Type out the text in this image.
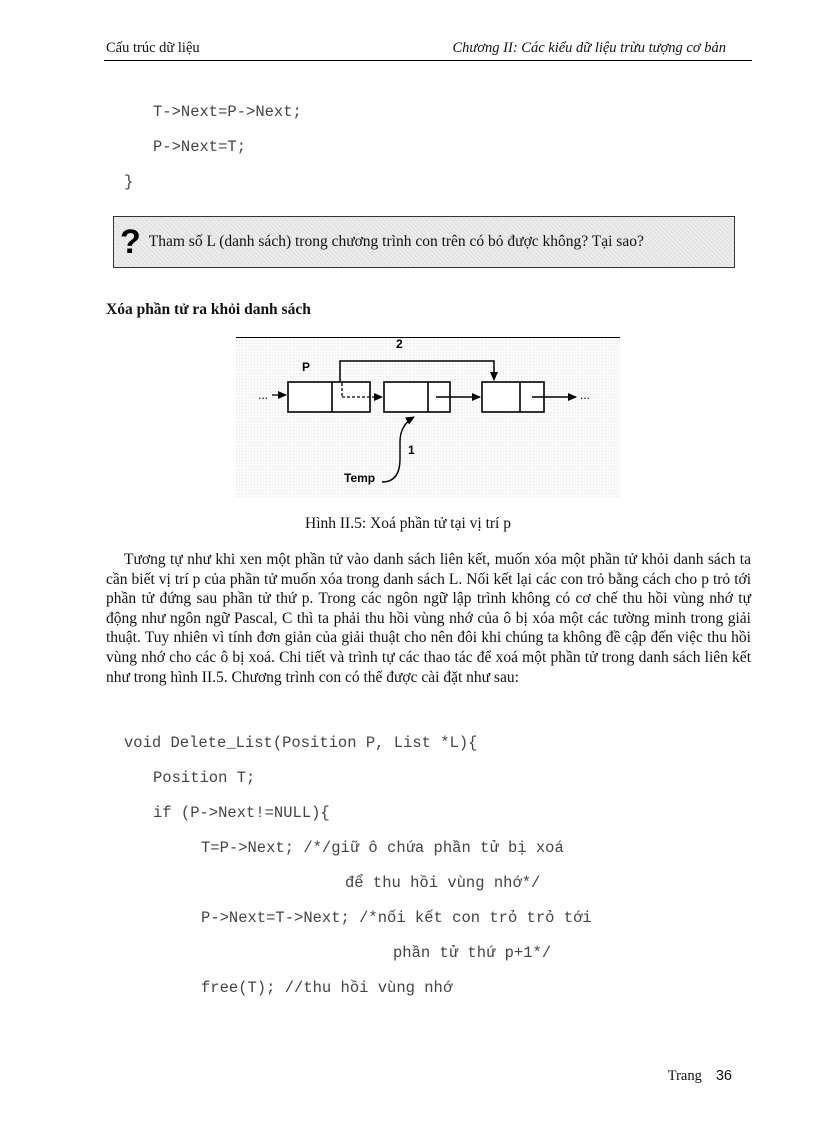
Cấu trúc dữ liệu	Chương II: Các kiểu dữ liệu trừu tượng cơ bản
T->Next=P->Next;
P->Next=T;
}
? Tham số L (danh sách) trong chương trình con trên có bỏ được không? Tại sao?
Xóa phần tử ra khỏi danh sách
2
P
...	...
1
Temp
Hình II.5: Xoá phần tử tại vị trí p

Tương tự như khi xen một phần tử vào danh sách liên kết, muốn xóa một phần tử khỏi danh sách ta cần biết vị trí p của phần tử muốn xóa trong danh sách L. Nối kết lại các con trỏ bằng cách cho p trỏ tới phần tử đứng sau phần tử thứ p. Trong các ngôn ngữ lập trình không có cơ chế thu hồi vùng nhớ tự động như ngôn ngữ Pascal, C thì ta phải thu hồi vùng nhớ của ô bị xóa một các tường minh trong giải thuật. Tuy nhiên vì tính đơn giản của giải thuật cho nên đôi khi chúng ta không đề cập đến việc thu hồi vùng nhớ cho các ô bị xoá. Chi tiết và trình tự các thao tác để xoá một phần tử trong danh sách liên kết như trong hình II.5. Chương trình con có thể được cài đặt như sau:

void Delete_List(Position P, List *L){
Position T;
if (P->Next!=NULL){
T=P->Next; /*/giữ ô chứa phần tử bị xoá
để thu hồi vùng nhớ*/
P->Next=T->Next; /*nối kết con trỏ trỏ tới
phần tử thứ p+1*/
free(T); //thu hồi vùng nhớ
Trang 36
